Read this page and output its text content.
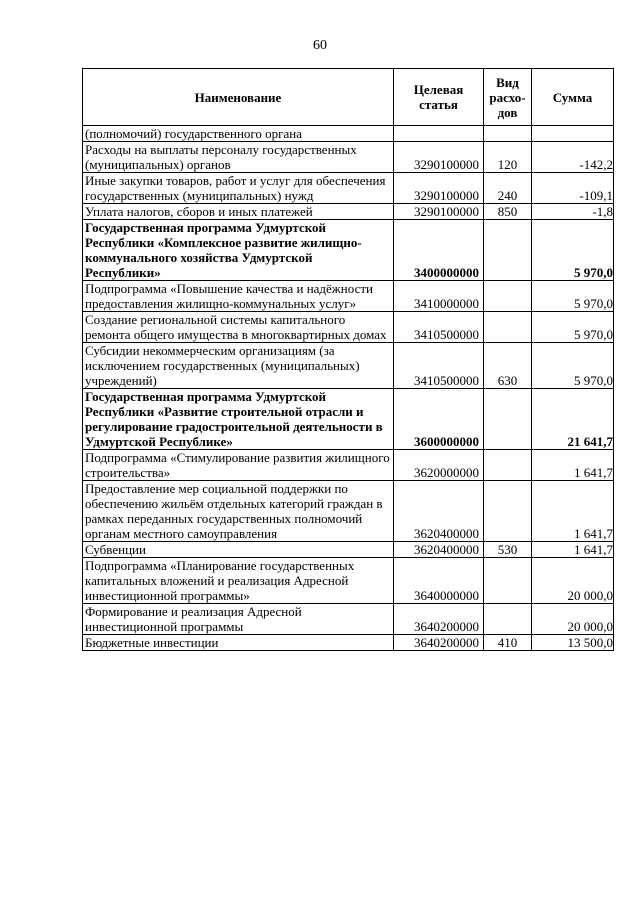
60
Наименование	Целевая статья	Вид расхо-дов	Сумма
(полномочий) государственного органа			
Расходы на выплаты персоналу государственных (муниципальных) органов	3290100000	120	-142,2
Иные закупки товаров, работ и услуг для обеспечения государственных (муниципальных) нужд	3290100000	240	-109,1
Уплата налогов, сборов и иных платежей	3290100000	850	-1,8
Государственная программа Удмуртской Республики «Комплексное развитие жилищно-коммунального хозяйства Удмуртской Республики»	3400000000		5 970,0
Подпрограмма «Повышение качества и надёжности предоставления жилищно-коммунальных услуг»	3410000000		5 970,0
Создание региональной системы капитального ремонта общего имущества в многоквартирных домах	3410500000		5 970,0
Субсидии некоммерческим организациям (за исключением государственных (муниципальных) учреждений)	3410500000	630	5 970,0
Государственная программа Удмуртской Республики «Развитие строительной отрасли и регулирование градостроительной деятельности в Удмуртской Республике»	3600000000		21 641,7
Подпрограмма «Стимулирование развития жилищного строительства»	3620000000		1 641,7
Предоставление мер социальной поддержки по обеспечению жильём отдельных категорий граждан в рамках переданных государственных полномочий органам местного самоуправления	3620400000		1 641,7
Субвенции	3620400000	530	1 641,7
Подпрограмма «Планирование государственных капитальных вложений и реализация Адресной инвестиционной программы»	3640000000		20 000,0
Формирование и реализация Адресной инвестиционной программы	3640200000		20 000,0
Бюджетные инвестиции	3640200000	410	13 500,0
